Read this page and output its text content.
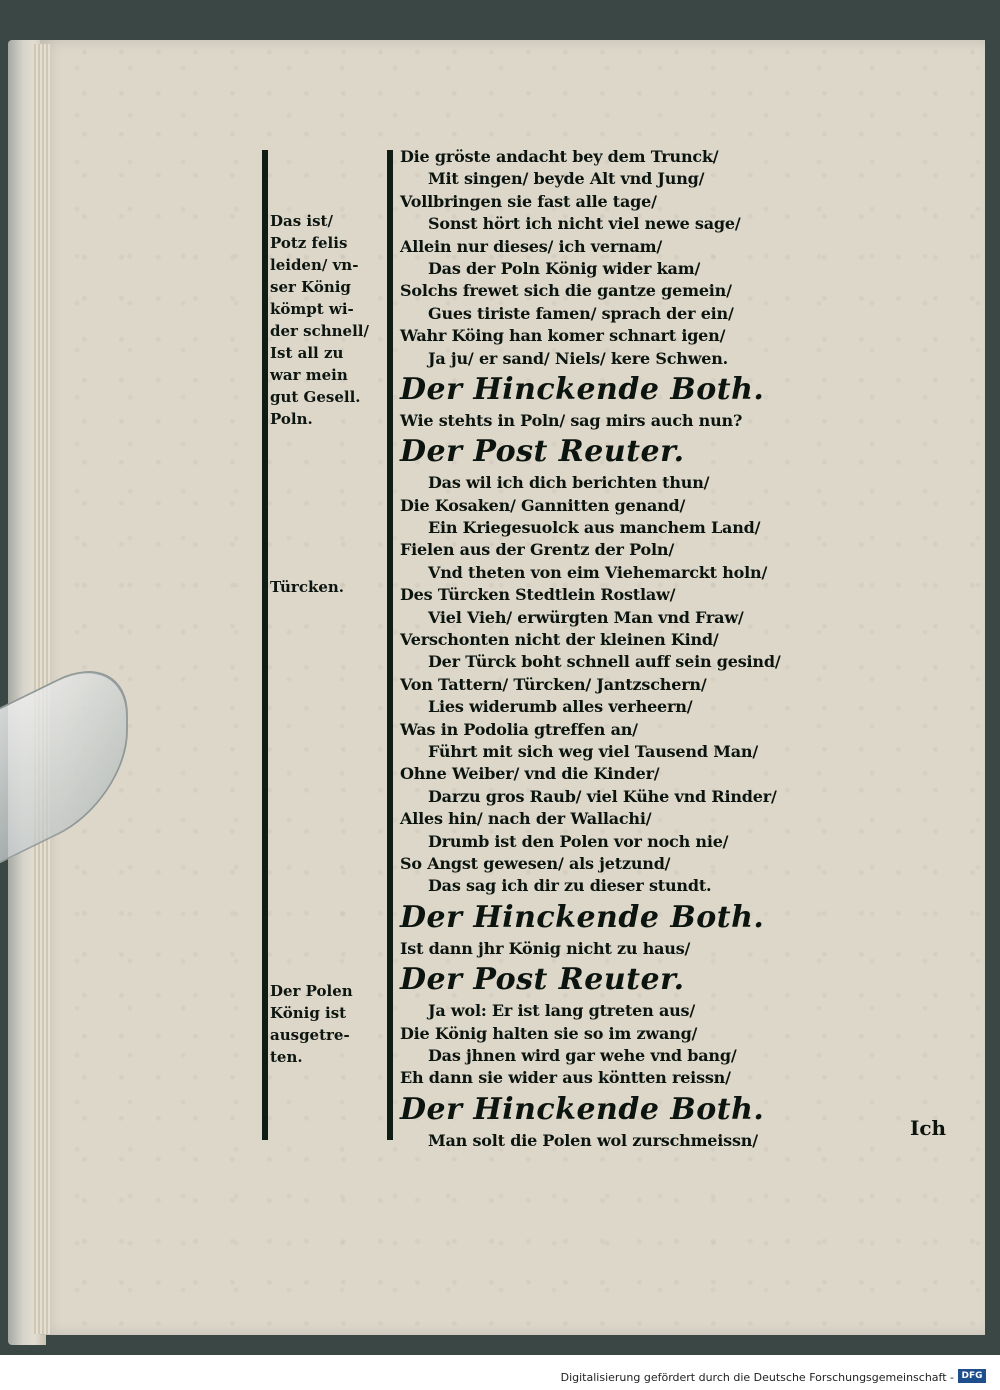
Das ist/
Potz felis
leiden/ vn-
ser König
kömpt wi-
der schnell/
Ist all zu
war mein
gut Gesell.
Poln.
Türcken.
Der Polen
König ist
ausgetre-
ten.
Die gröste andacht bey dem Trunck/
Mit singen/ beyde Alt vnd Jung/
Vollbringen sie fast alle tage/
Sonst hört ich nicht viel newe sage/
Allein nur dieses/ ich vernam/
Das der Poln König wider kam/
Solchs frewet sich die gantze gemein/
Gues tiriste famen/ sprach der ein/
Wahr Köing han komer schnart igen/
Ja ju/ er sand/ Niels/ kere Schwen.
Der Hinckende Both.
Wie stehts in Poln/ sag mirs auch nun?
Der Post Reuter.
Das wil ich dich berichten thun/
Die Kosaken/ Gannitten genand/
Ein Kriegesuolck aus manchem Land/
Fielen aus der Grentz der Poln/
Vnd theten von eim Viehemarckt holn/
Des Türcken Stedtlein Rostlaw/
Viel Vieh/ erwürgten Man vnd Fraw/
Verschonten nicht der kleinen Kind/
Der Türck boht schnell auff sein gesind/
Von Tattern/ Türcken/ Jantzschern/
Lies widerumb alles verheern/
Was in Podolia gtreffen an/
Führt mit sich weg viel Tausend Man/
Ohne Weiber/ vnd die Kinder/
Darzu gros Raub/ viel Kühe vnd Rinder/
Alles hin/ nach der Wallachi/
Drumb ist den Polen vor noch nie/
So Angst gewesen/ als jetzund/
Das sag ich dir zu dieser stundt.
Der Hinckende Both.
Ist dann jhr König nicht zu haus/
Der Post Reuter.
Ja wol: Er ist lang gtreten aus/
Die König halten sie so im zwang/
Das jhnen wird gar wehe vnd bang/
Eh dann sie wider aus köntten reissn/
Der Hinckende Both.
Man solt die Polen wol zurschmeissn/
Ich
Digitalisierung gefördert durch die Deutsche Forschungsgemeinschaft - DFG
